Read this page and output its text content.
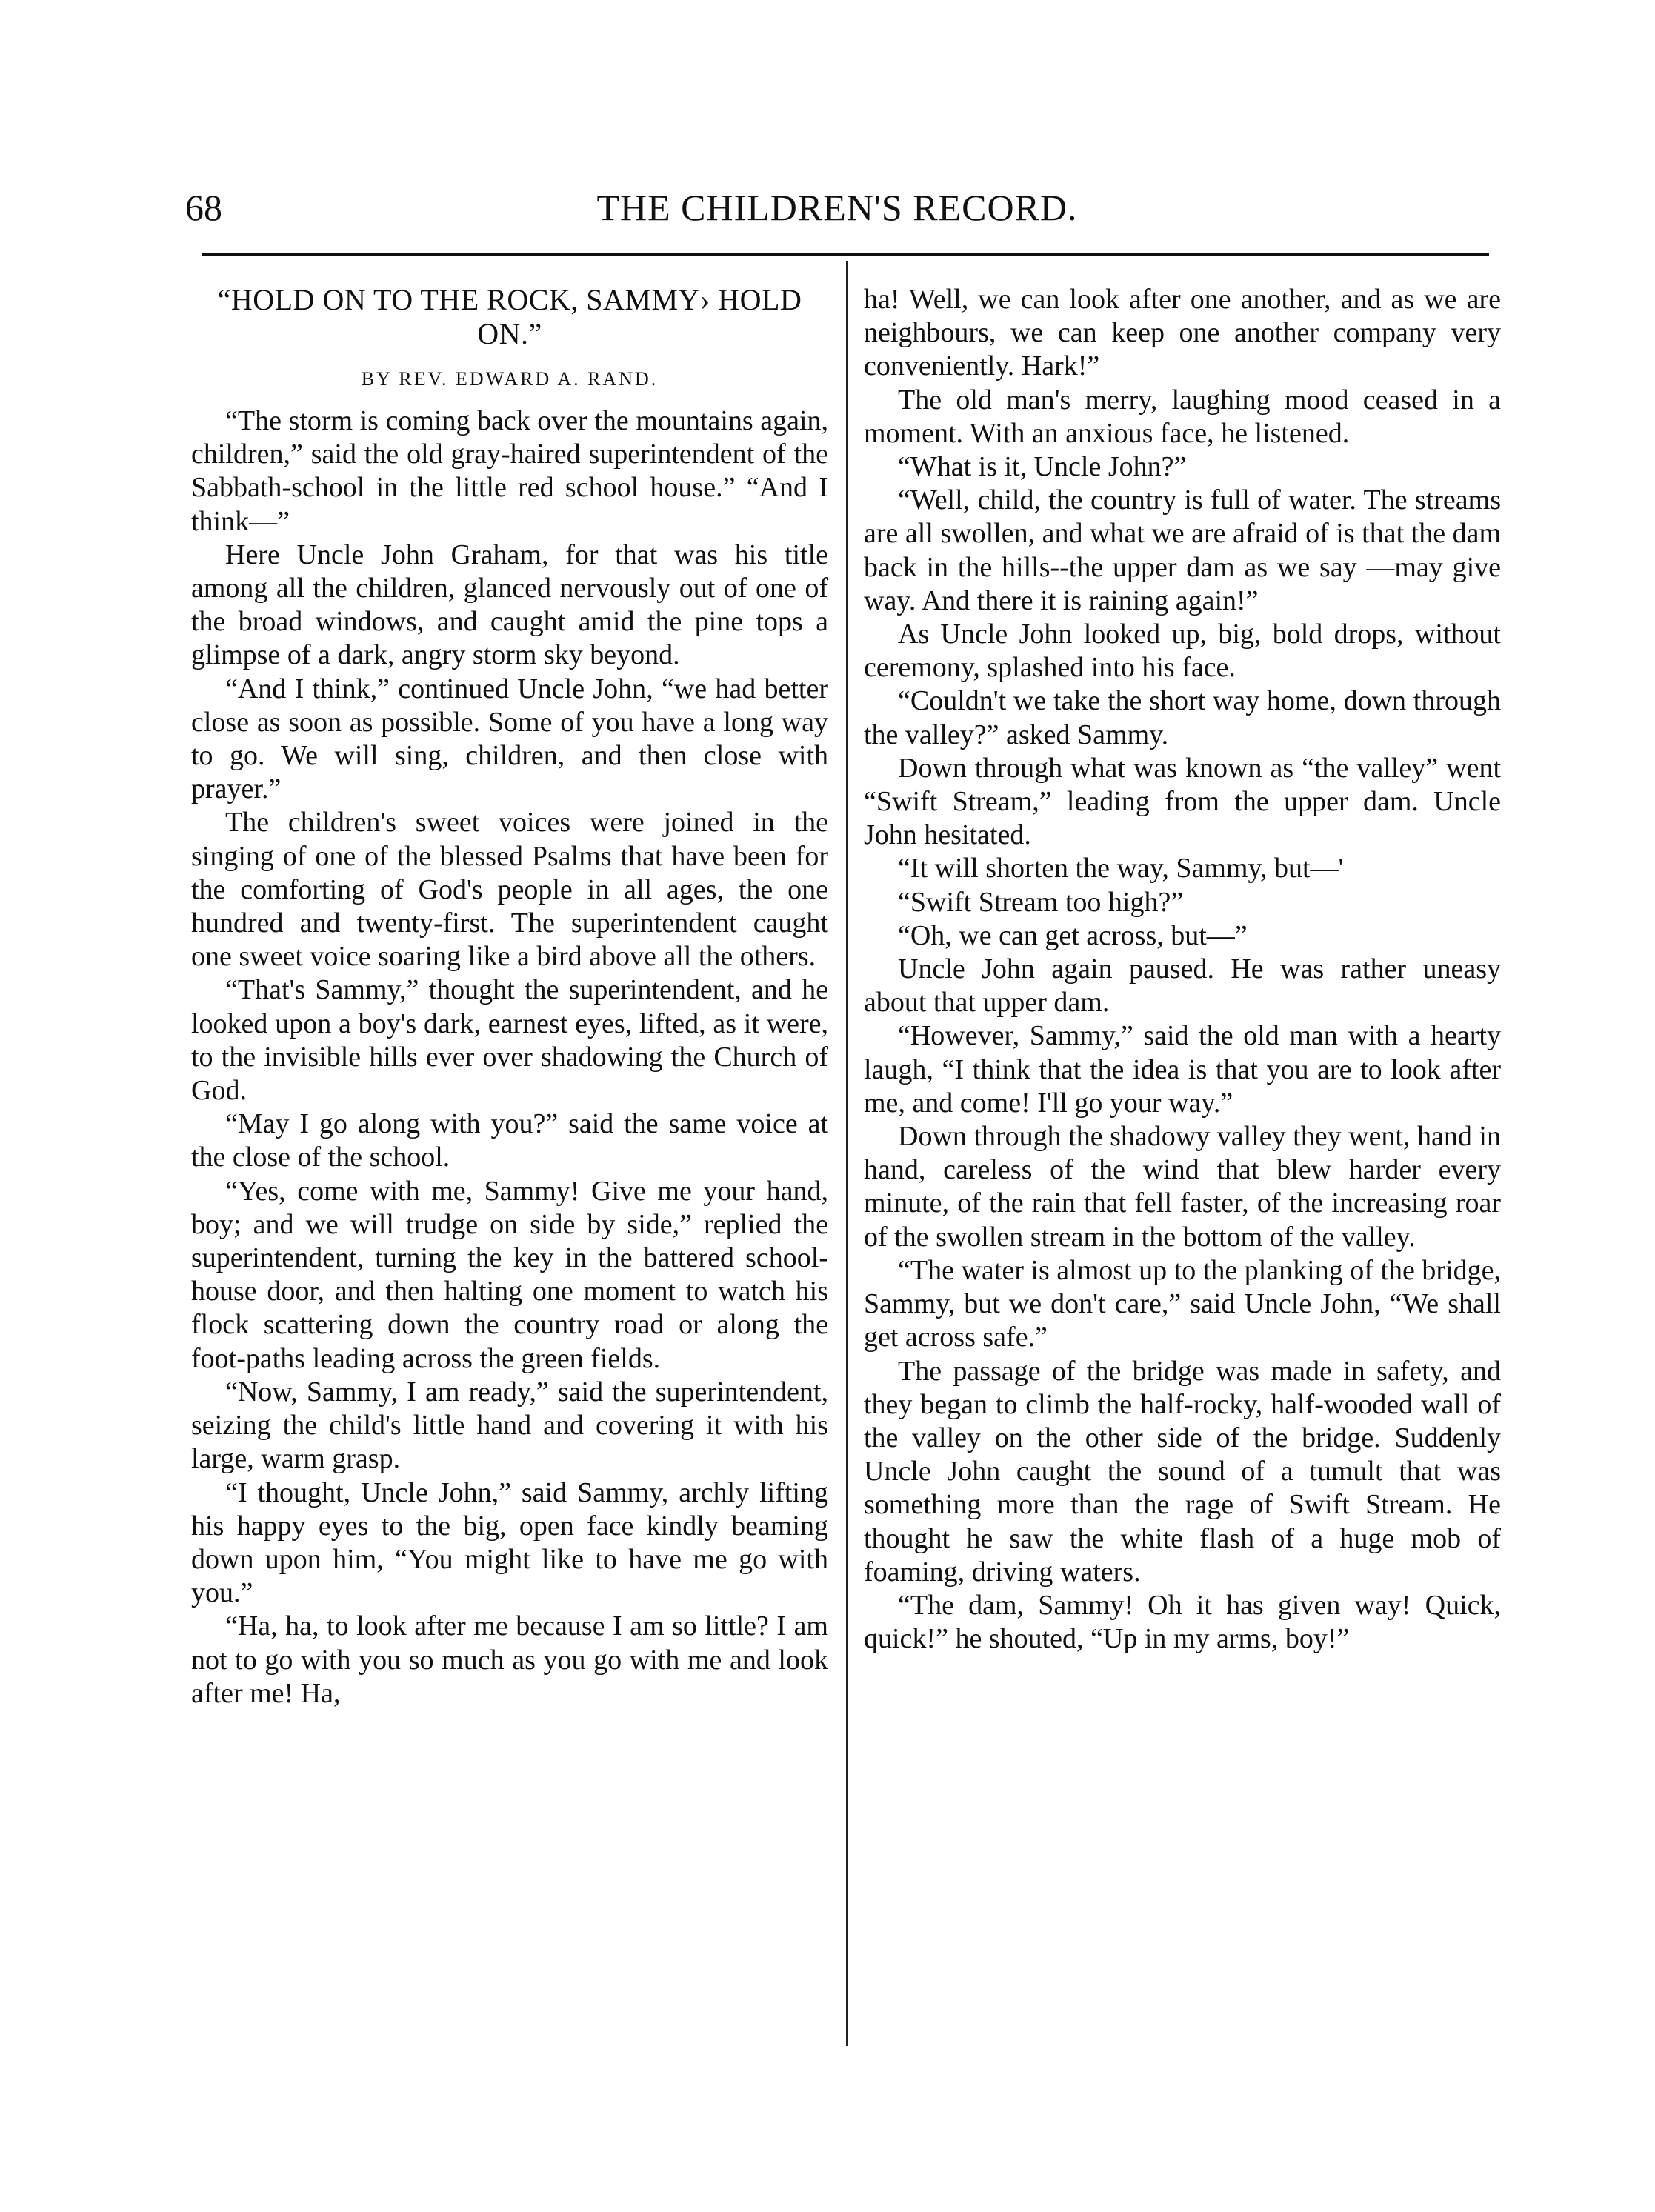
68	THE CHILDREN'S RECORD.
“HOLD ON TO THE ROCK, SAMMY› HOLD ON.”
BY REV. EDWARD A. RAND.

“The storm is coming back over the mountains again, children,” said the old gray-haired superintendent of the Sabbath-school in the little red school house.” “And I think—”

Here Uncle John Graham, for that was his title among all the children, glanced nervously out of one of the broad windows, and caught amid the pine tops a glimpse of a dark, angry storm sky beyond.

“And I think,” continued Uncle John, “we had better close as soon as possible. Some of you have a long way to go. We will sing, children, and then close with prayer.”

The children's sweet voices were joined in the singing of one of the blessed Psalms that have been for the comforting of God's people in all ages, the one hundred and twenty-first. The superintendent caught one sweet voice soaring like a bird above all the others.

“That's Sammy,” thought the superintendent, and he looked upon a boy's dark, earnest eyes, lifted, as it were, to the invisible hills ever over shadowing the Church of God.

“May I go along with you?” said the same voice at the close of the school.

“Yes, come with me, Sammy! Give me your hand, boy; and we will trudge on side by side,” replied the superintendent, turning the key in the battered school-house door, and then halting one moment to watch his flock scattering down the country road or along the foot-paths leading across the green fields.

“Now, Sammy, I am ready,” said the superintendent, seizing the child's little hand and covering it with his large, warm grasp.

“I thought, Uncle John,” said Sammy, archly lifting his happy eyes to the big, open face kindly beaming down upon him, “You might like to have me go with you.”

“Ha, ha, to look after me because I am so little? I am not to go with you so much as you go with me and look after me! Ha,

ha! Well, we can look after one another, and as we are neighbours, we can keep one another company very conveniently. Hark!”

The old man's merry, laughing mood ceased in a moment. With an anxious face, he listened.

“What is it, Uncle John?”

“Well, child, the country is full of water. The streams are all swollen, and what we are afraid of is that the dam back in the hills--the upper dam as we say —may give way. And there it is raining again!”

As Uncle John looked up, big, bold drops, without ceremony, splashed into his face.

“Couldn't we take the short way home, down through the valley?” asked Sammy.

Down through what was known as “the valley” went “Swift Stream,” leading from the upper dam. Uncle John hesitated.

“It will shorten the way, Sammy, but—'

“Swift Stream too high?”

“Oh, we can get across, but—”

Uncle John again paused. He was rather uneasy about that upper dam.

“However, Sammy,” said the old man with a hearty laugh, “I think that the idea is that you are to look after me, and come! I'll go your way.”

Down through the shadowy valley they went, hand in hand, careless of the wind that blew harder every minute, of the rain that fell faster, of the increasing roar of the swollen stream in the bottom of the valley.

“The water is almost up to the planking of the bridge, Sammy, but we don't care,” said Uncle John, “We shall get across safe.”

The passage of the bridge was made in safety, and they began to climb the half-rocky, half-wooded wall of the valley on the other side of the bridge. Suddenly Uncle John caught the sound of a tumult that was something more than the rage of Swift Stream. He thought he saw the white flash of a huge mob of foaming, driving waters.

“The dam, Sammy! Oh it has given way! Quick, quick!” he shouted, “Up in my arms, boy!”
